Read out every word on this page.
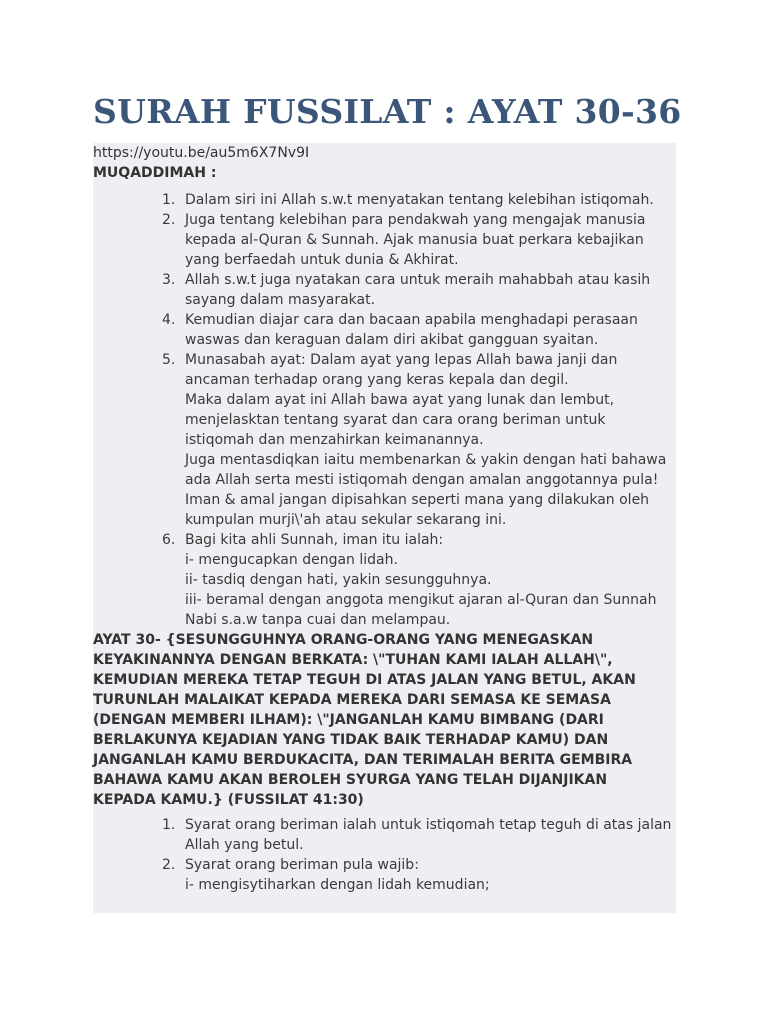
SURAH FUSSILAT : AYAT 30-36

https://youtu.be/au5m6X7Nv9I

MUQADDIMAH :

1. Dalam siri ini Allah s.w.t menyatakan tentang kelebihan istiqomah.
2. Juga tentang kelebihan para pendakwah yang mengajak manusia kepada al-Quran & Sunnah. Ajak manusia buat perkara kebajikan yang berfaedah untuk dunia & Akhirat.
3. Allah s.w.t juga nyatakan cara untuk meraih mahabbah atau kasih sayang dalam masyarakat.
4. Kemudian diajar cara dan bacaan apabila menghadapi perasaan waswas dan keraguan dalam diri akibat gangguan syaitan.
5. Munasabah ayat: Dalam ayat yang lepas Allah bawa janji dan ancaman terhadap orang yang keras kepala dan degil.
Maka dalam ayat ini Allah bawa ayat yang lunak dan lembut, menjelasktan tentang syarat dan cara orang beriman untuk istiqomah dan menzahirkan keimanannya.
Juga mentasdiqkan iaitu membenarkan & yakin dengan hati bahawa ada Allah serta mesti istiqomah dengan amalan anggotannya pula!
Iman & amal jangan dipisahkan seperti mana yang dilakukan oleh kumpulan murji\'ah atau sekular sekarang ini.
6. Bagi kita ahli Sunnah, iman itu ialah:
i- mengucapkan dengan lidah.
ii- tasdiq dengan hati, yakin sesungguhnya.
iii- beramal dengan anggota mengikut ajaran al-Quran dan Sunnah Nabi s.a.w tanpa cuai dan melampau.

AYAT 30- {SESUNGGUHNYA ORANG-ORANG YANG MENEGASKAN KEYAKINANNYA DENGAN BERKATA: \"TUHAN KAMI IALAH ALLAH\", KEMUDIAN MEREKA TETAP TEGUH DI ATAS JALAN YANG BETUL, AKAN TURUNLAH MALAIKAT KEPADA MEREKA DARI SEMASA KE SEMASA (DENGAN MEMBERI ILHAM): \"JANGANLAH KAMU BIMBANG (DARI BERLAKUNYA KEJADIAN YANG TIDAK BAIK TERHADAP KAMU) DAN JANGANLAH KAMU BERDUKACITA, DAN TERIMALAH BERITA GEMBIRA BAHAWA KAMU AKAN BEROLEH SYURGA YANG TELAH DIJANJIKAN KEPADA KAMU.} (FUSSILAT 41:30)

1. Syarat orang beriman ialah untuk istiqomah tetap teguh di atas jalan Allah yang betul.
2. Syarat orang beriman pula wajib:
i- mengisytiharkan dengan lidah kemudian;
